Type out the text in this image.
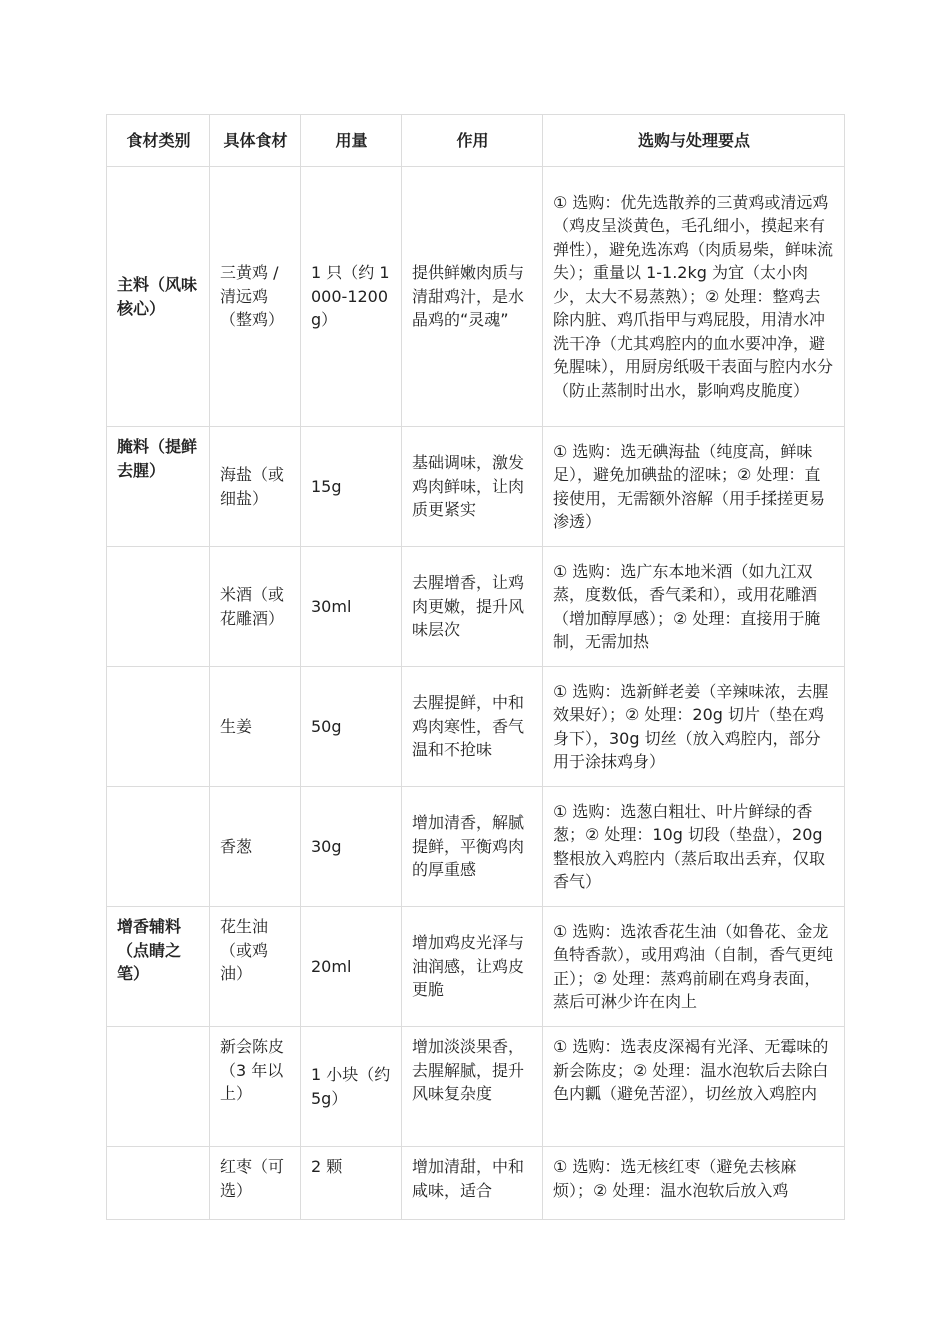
食材类别	具体食材	用量	作用	选购与处理要点
主料（风味核心）	三黄鸡 / 清远鸡（整鸡）	1 只（约 1000-1200g）	提供鲜嫩肉质与清甜鸡汁，是水晶鸡的“灵魂”	① 选购：优先选散养的三黄鸡或清远鸡（鸡皮呈淡黄色，毛孔细小，摸起来有弹性），避免选冻鸡（肉质易柴，鲜味流失）；重量以 1-1.2kg 为宜（太小肉少，太大不易蒸熟）；② 处理：整鸡去除内脏、鸡爪指甲与鸡屁股，用清水冲洗干净（尤其鸡腔内的血水要冲净，避免腥味），用厨房纸吸干表面与腔内水分（防止蒸制时出水，影响鸡皮脆度）
腌料（提鲜去腥）	海盐（或细盐）	15g	基础调味，激发鸡肉鲜味，让肉质更紧实	① 选购：选无碘海盐（纯度高，鲜味足），避免加碘盐的涩味；② 处理：直接使用，无需额外溶解（用手揉搓更易渗透）
	米酒（或花雕酒）	30ml	去腥增香，让鸡肉更嫩，提升风味层次	① 选购：选广东本地米酒（如九江双蒸，度数低，香气柔和），或用花雕酒（增加醇厚感）；② 处理：直接用于腌制，无需加热
	生姜	50g	去腥提鲜，中和鸡肉寒性，香气温和不抢味	① 选购：选新鲜老姜（辛辣味浓，去腥效果好）；② 处理：20g 切片（垫在鸡身下），30g 切丝（放入鸡腔内，部分用于涂抹鸡身）
	香葱	30g	增加清香，解腻提鲜，平衡鸡肉的厚重感	① 选购：选葱白粗壮、叶片鲜绿的香葱；② 处理：10g 切段（垫盘），20g 整根放入鸡腔内（蒸后取出丢弃，仅取香气）
增香辅料（点睛之笔）	花生油（或鸡油）	20ml	增加鸡皮光泽与油润感，让鸡皮更脆	① 选购：选浓香花生油（如鲁花、金龙鱼特香款），或用鸡油（自制，香气更纯正）；② 处理：蒸鸡前刷在鸡身表面，蒸后可淋少许在肉上
	新会陈皮（3 年以上）	1 小块（约 5g）	增加淡淡果香，去腥解腻，提升风味复杂度	① 选购：选表皮深褐有光泽、无霉味的新会陈皮；② 处理：温水泡软后去除白色内瓤（避免苦涩），切丝放入鸡腔内
	红枣（可选）	2 颗	增加清甜，中和咸味，适合	① 选购：选无核红枣（避免去核麻烦）；② 处理：温水泡软后放入鸡
